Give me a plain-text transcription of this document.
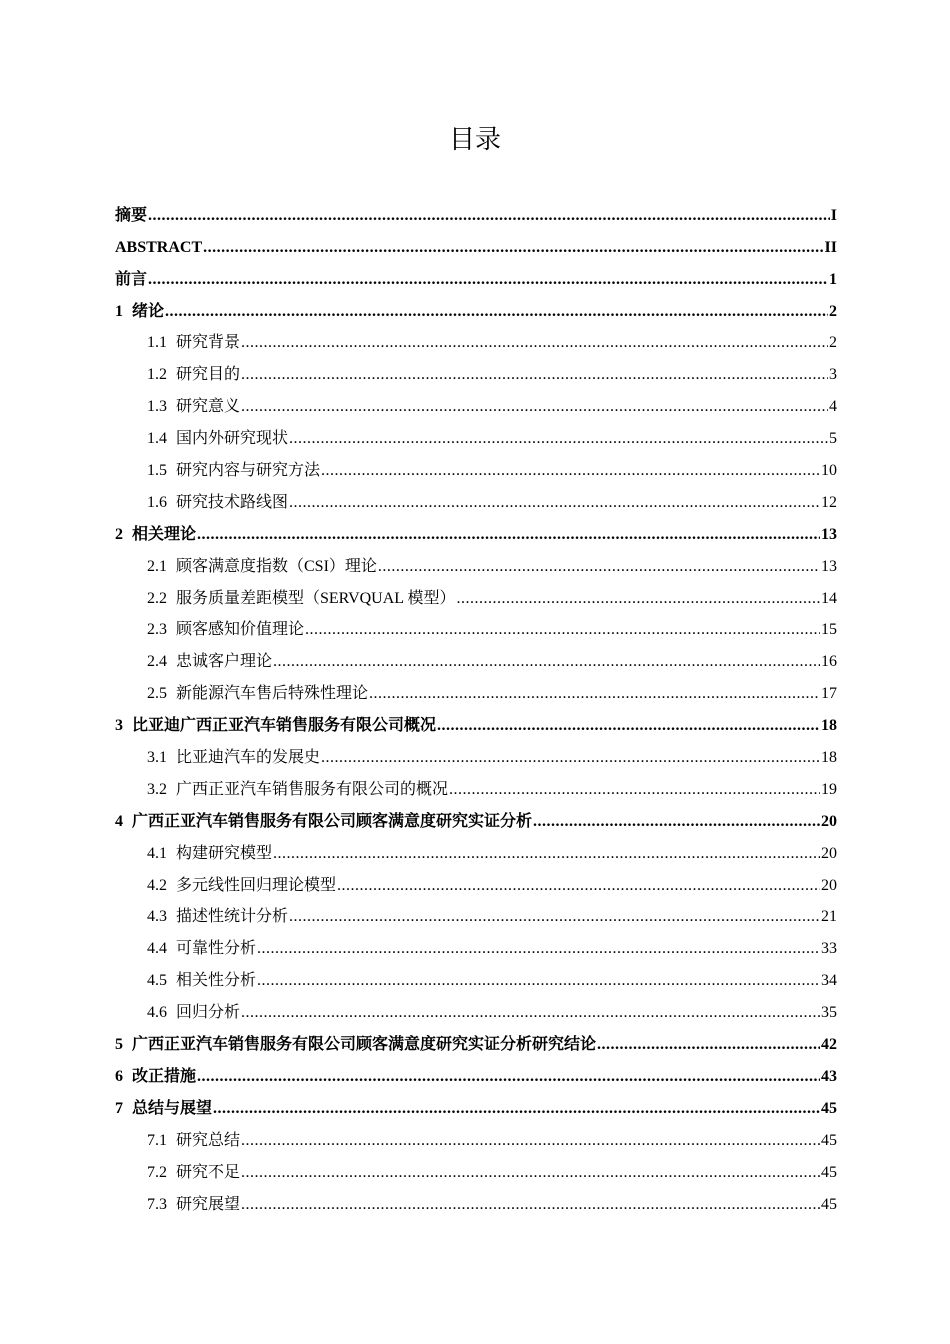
目录
摘要 .....	I
ABSTRACT .....	II
前言 .....	1
1 绪论 .....	2
1.1 研究背景 .....	2
1.2 研究目的 .....	3
1.3 研究意义 .....	4
1.4 国内外研究现状 .....	5
1.5 研究内容与研究方法 .....	10
1.6 研究技术路线图 .....	12
2 相关理论 .....	13
2.1 顾客满意度指数（CSI）理论 .....	13
2.2 服务质量差距模型（SERVQUAL 模型） .....	14
2.3 顾客感知价值理论 .....	15
2.4 忠诚客户理论 .....	16
2.5 新能源汽车售后特殊性理论 .....	17
3 比亚迪广西正亚汽车销售服务有限公司概况 .....	18
3.1 比亚迪汽车的发展史 .....	18
3.2 广西正亚汽车销售服务有限公司的概况 .....	19
4 广西正亚汽车销售服务有限公司顾客满意度研究实证分析 .....	20
4.1 构建研究模型 .....	20
4.2 多元线性回归理论模型 .....	20
4.3 描述性统计分析 .....	21
4.4 可靠性分析 .....	33
4.5 相关性分析 .....	34
4.6 回归分析 .....	35
5 广西正亚汽车销售服务有限公司顾客满意度研究实证分析研究结论 .....	42
6 改正措施 .....	43
7 总结与展望 .....	45
7.1 研究总结 .....	45
7.2 研究不足 .....	45
7.3 研究展望 .....	45
